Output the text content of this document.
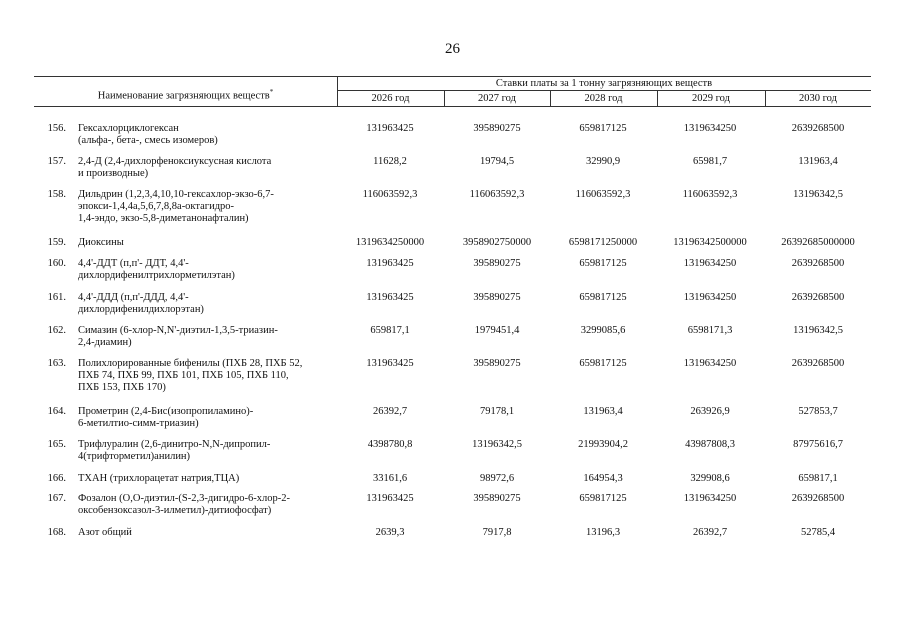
26
Наименование загрязняющих веществ*
Ставки платы за 1 тонну загрязняющих веществ
2026 год	2027 год	2028 год	2029 год	2030 год
156. Гексахлорциклогексан
(альфа-, бета-, смесь изомеров)
131963425	395890275	659817125	1319634250	2639268500
157. 2,4-Д (2,4-дихлорфеноксиуксусная кислота
и производные)
11628,2	19794,5	32990,9	65981,7	131963,4
158. Дильдрин (1,2,3,4,10,10-гексахлор-экзо-6,7-
эпокси-1,4,4а,5,6,7,8,8а-октагидро-
1,4-эндо, экзо-5,8-диметанонафталин)
116063592,3	116063592,3	116063592,3	116063592,3	13196342,5
159. Диоксины	1319634250000	3958902750000	6598171250000	13196342500000	26392685000000
160. 4,4'-ДДТ (п,п'- ДДТ, 4,4'-
дихлордифенилтрихлорметилэтан)
131963425	395890275	659817125	1319634250	2639268500
161. 4,4'-ДДД (п,п'-ДДД, 4,4'-
дихлордифенилдихлорэтан)
131963425	395890275	659817125	1319634250	2639268500
162. Симазин (6-хлор-N,N'-диэтил-1,3,5-триазин-
2,4-диамин)
659817,1	1979451,4	3299085,6	6598171,3	13196342,5
163. Полихлорированные бифенилы (ПХБ 28, ПХБ 52,
ПХБ 74, ПХБ 99, ПХБ 101, ПХБ 105, ПХБ 110,
ПХБ 153, ПХБ 170)
131963425	395890275	659817125	1319634250	2639268500
164. Прометрин (2,4-Бис(изопропиламино)-
6-метилтио-симм-триазин)
26392,7	79178,1	131963,4	263926,9	527853,7
165. Трифлуралин (2,6-динитро-N,N-дипропил-
4(трифторметил)анилин)
4398780,8	13196342,5	21993904,2	43987808,3	87975616,7
166. ТХАН (трихлорацетат натрия,ТЦА)	33161,6	98972,6	164954,3	329908,6	659817,1
167. Фозалон (О,О-диэтил-(S-2,3-дигидро-6-хлор-2-
оксобензоксазол-3-илметил)-дитиофосфат)
131963425	395890275	659817125	1319634250	2639268500
168. Азот общий	2639,3	7917,8	13196,3	26392,7	52785,4
